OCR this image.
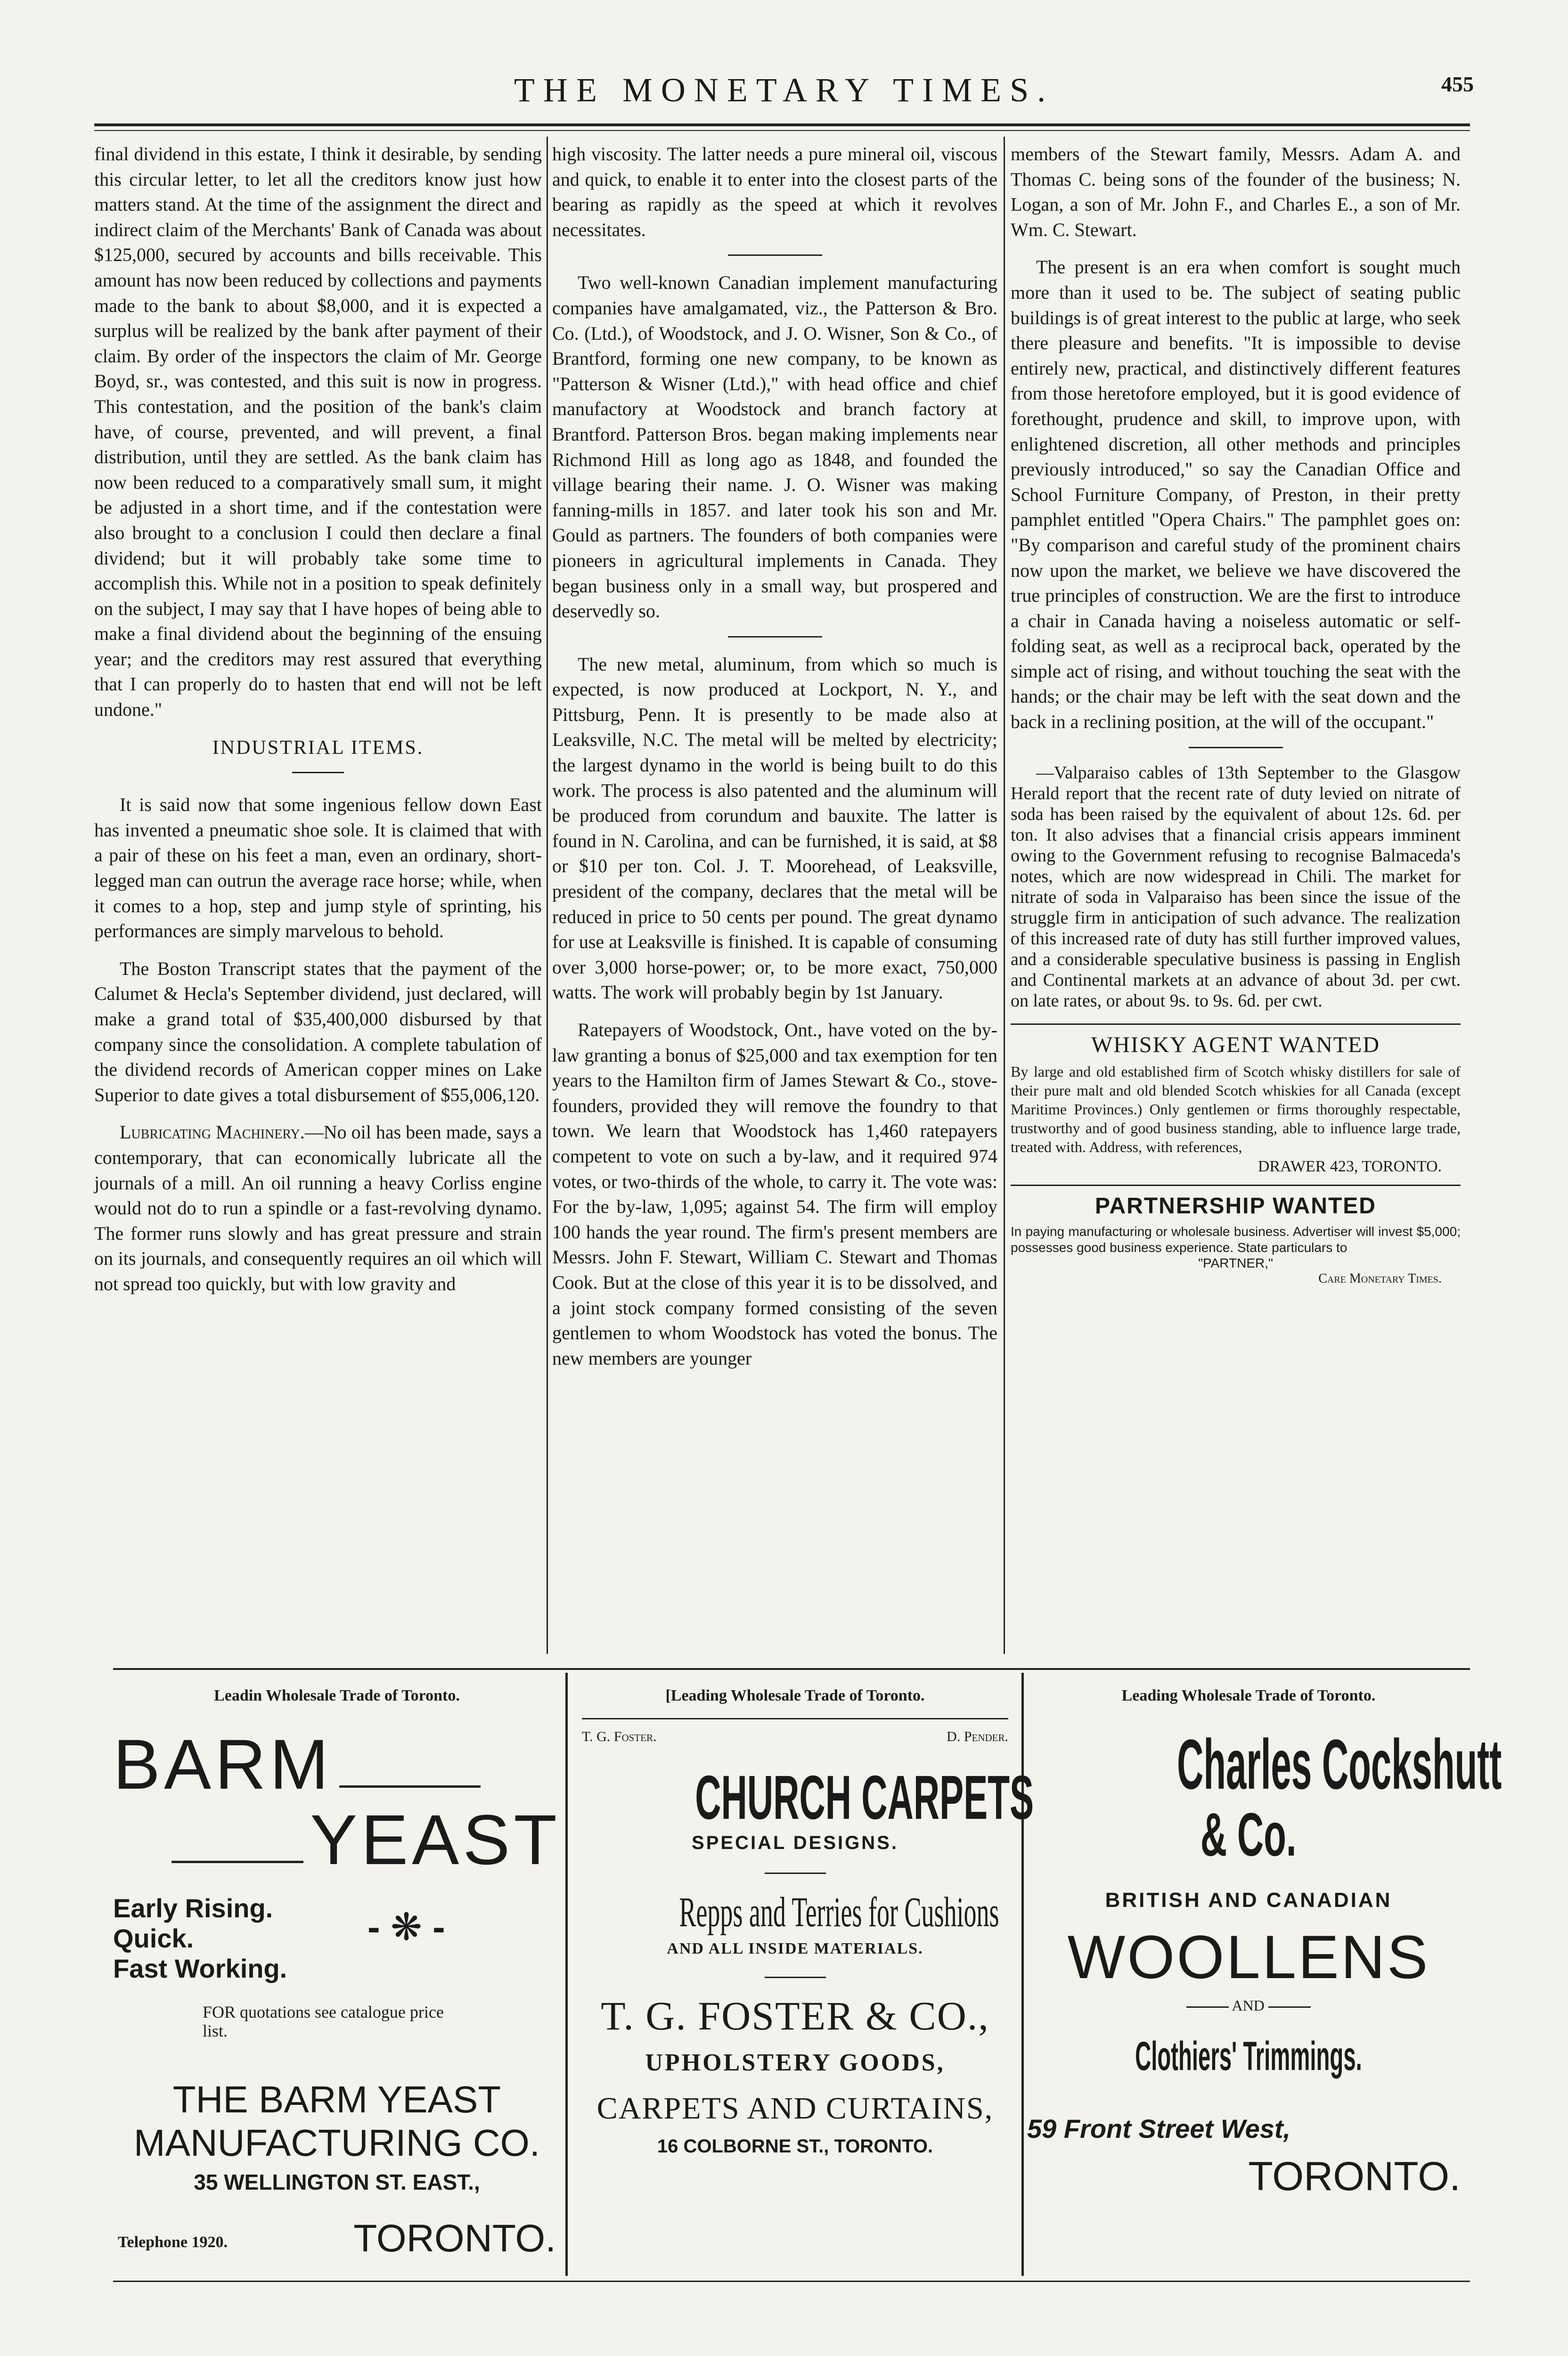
THE MONETARY TIMES.	455

final dividend in this estate, I think it desirable, by sending this circular letter, to let all the creditors know just how matters stand. At the time of the assignment the direct and indirect claim of the Merchants' Bank of Canada was about $125,000, secured by accounts and bills receivable. This amount has now been reduced by collections and payments made to the bank to about $8,000, and it is expected a surplus will be realized by the bank after payment of their claim. By order of the inspectors the claim of Mr. George Boyd, sr., was contested, and this suit is now in progress. This contestation, and the position of the bank's claim have, of course, prevented, and will prevent, a final distribution, until they are settled. As the bank claim has now been reduced to a comparatively small sum, it might be adjusted in a short time, and if the contestation were also brought to a conclusion I could then declare a final dividend; but it will probably take some time to accomplish this. While not in a position to speak definitely on the subject, I may say that I have hopes of being able to make a final dividend about the beginning of the ensuing year; and the creditors may rest assured that everything that I can properly do to hasten that end will not be left undone."

INDUSTRIAL ITEMS.

It is said now that some ingenious fellow down East has invented a pneumatic shoe sole. It is claimed that with a pair of these on his feet a man, even an ordinary, short-legged man can outrun the average race horse; while, when it comes to a hop, step and jump style of sprinting, his performances are simply marvelous to behold.

The Boston Transcript states that the payment of the Calumet & Hecla's September dividend, just declared, will make a grand total of $35,400,000 disbursed by that company since the consolidation. A complete tabulation of the dividend records of American copper mines on Lake Superior to date gives a total disbursement of $55,006,120.

Lubricating Machinery.—No oil has been made, says a contemporary, that can economically lubricate all the journals of a mill. An oil running a heavy Corliss engine would not do to run a spindle or a fast-revolving dynamo. The former runs slowly and has great pressure and strain on its journals, and consequently requires an oil which will not spread too quickly, but with low gravity and

high viscosity. The latter needs a pure mineral oil, viscous and quick, to enable it to enter into the closest parts of the bearing as rapidly as the speed at which it revolves necessitates.

Two well-known Canadian implement manufacturing companies have amalgamated, viz., the Patterson & Bro. Co. (Ltd.), of Woodstock, and J. O. Wisner, Son & Co., of Brantford, forming one new company, to be known as "Patterson & Wisner (Ltd.)," with head office and chief manufactory at Woodstock and branch factory at Brantford. Patterson Bros. began making implements near Richmond Hill as long ago as 1848, and founded the village bearing their name. J. O. Wisner was making fanning-mills in 1857. and later took his son and Mr. Gould as partners. The founders of both companies were pioneers in agricultural implements in Canada. They began business only in a small way, but prospered and deservedly so.

The new metal, aluminum, from which so much is expected, is now produced at Lockport, N. Y., and Pittsburg, Penn. It is presently to be made also at Leaksville, N.C. The metal will be melted by electricity; the largest dynamo in the world is being built to do this work. The process is also patented and the aluminum will be produced from corundum and bauxite. The latter is found in N. Carolina, and can be furnished, it is said, at $8 or $10 per ton. Col. J. T. Moorehead, of Leaksville, president of the company, declares that the metal will be reduced in price to 50 cents per pound. The great dynamo for use at Leaksville is finished. It is capable of consuming over 3,000 horse-power; or, to be more exact, 750,000 watts. The work will probably begin by 1st January.

Ratepayers of Woodstock, Ont., have voted on the by-law granting a bonus of $25,000 and tax exemption for ten years to the Hamilton firm of James Stewart & Co., stove-founders, provided they will remove the foundry to that town. We learn that Woodstock has 1,460 ratepayers competent to vote on such a by-law, and it required 974 votes, or two-thirds of the whole, to carry it. The vote was: For the by-law, 1,095; against 54. The firm will employ 100 hands the year round. The firm's present members are Messrs. John F. Stewart, William C. Stewart and Thomas Cook. But at the close of this year it is to be dissolved, and a joint stock company formed consisting of the seven gentlemen to whom Woodstock has voted the bonus. The new members are younger

members of the Stewart family, Messrs. Adam A. and Thomas C. being sons of the founder of the business; N. Logan, a son of Mr. John F., and Charles E., a son of Mr. Wm. C. Stewart.

The present is an era when comfort is sought much more than it used to be. The subject of seating public buildings is of great interest to the public at large, who seek there pleasure and benefits. "It is impossible to devise entirely new, practical, and distinctively different features from those heretofore employed, but it is good evidence of forethought, prudence and skill, to improve upon, with enlightened discretion, all other methods and principles previously introduced," so say the Canadian Office and School Furniture Company, of Preston, in their pretty pamphlet entitled "Opera Chairs." The pamphlet goes on: "By comparison and careful study of the prominent chairs now upon the market, we believe we have discovered the true principles of construction. We are the first to introduce a chair in Canada having a noiseless automatic or self-folding seat, as well as a reciprocal back, operated by the simple act of rising, and without touching the seat with the hands; or the chair may be left with the seat down and the back in a reclining position, at the will of the occupant."

—Valparaiso cables of 13th September to the Glasgow Herald report that the recent rate of duty levied on nitrate of soda has been raised by the equivalent of about 12s. 6d. per ton. It also advises that a financial crisis appears imminent owing to the Government refusing to recognise Balmaceda's notes, which are now widespread in Chili. The market for nitrate of soda in Valparaiso has been since the issue of the struggle firm in anticipation of such advance. The realization of this increased rate of duty has still further improved values, and a considerable speculative business is passing in English and Continental markets at an advance of about 3d. per cwt. on late rates, or about 9s. to 9s. 6d. per cwt.

WHISKY AGENT WANTED
By large and old established firm of Scotch whisky distillers for sale of their pure malt and old blended Scotch whiskies for all Canada (except Maritime Provinces.) Only gentlemen or firms thoroughly respectable, trustworthy and of good business standing, able to influence large trade, treated with. Address, with references,
DRAWER 423, TORONTO.
PARTNERSHIP WANTED
In paying manufacturing or wholesale business. Advertiser will invest $5,000; possesses good business experience. State particulars to
"PARTNER,"
Care Monetary Times.
Leadin Wholesale Trade of Toronto.
BARM
YEAST
Early Rising.
Quick.
Fast Working.
- ❋ -
FOR quotations see catalogue price list.
THE BARM YEAST
MANUFACTURING CO.
35 WELLINGTON ST. EAST.,
Telephone 1920.	TORONTO.
[Leading Wholesale Trade of Toronto.
T. G. Foster.	D. Pender.
CHURCH CARPETS
SPECIAL DESIGNS.
Repps and Terries for Cushions
AND ALL INSIDE MATERIALS.
T. G. FOSTER & CO.,
UPHOLSTERY GOODS,
CARPETS AND CURTAINS,
16 COLBORNE ST., TORONTO.
Leading Wholesale Trade of Toronto.
Charles Cockshutt
& Co.
BRITISH AND CANADIAN
WOOLLENS
AND
Clothiers' Trimmings.
59 Front Street West,
TORONTO.
